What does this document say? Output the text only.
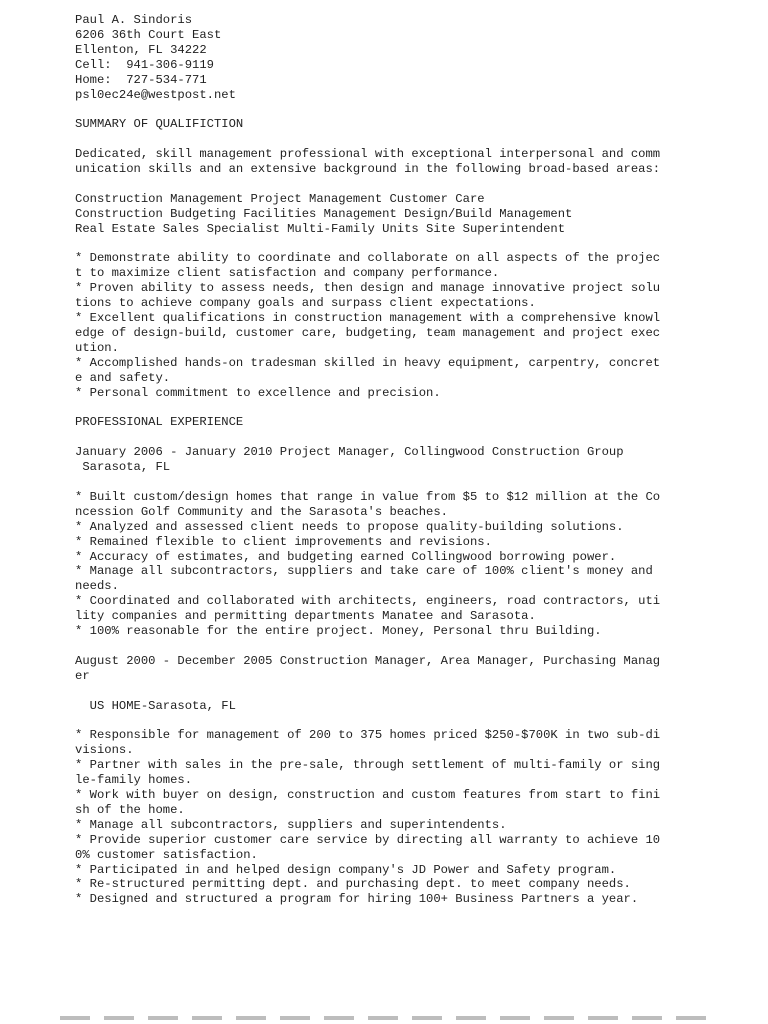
Paul A. Sindoris
6206 36th Court East
Ellenton, FL 34222
Cell:  941-306-9119
Home:  727-534-771
psl0ec24e@westpost.net
SUMMARY OF QUALIFICTION
Dedicated, skill management professional with exceptional interpersonal and comm
unication skills and an extensive background in the following broad-based areas:
Construction Management Project Management Customer Care
Construction Budgeting Facilities Management Design/Build Management
Real Estate Sales Specialist Multi-Family Units Site Superintendent
* Demonstrate ability to coordinate and collaborate on all aspects of the projec
t to maximize client satisfaction and company performance.
* Proven ability to assess needs, then design and manage innovative project solu
tions to achieve company goals and surpass client expectations.
* Excellent qualifications in construction management with a comprehensive knowl
edge of design-build, customer care, budgeting, team management and project exec
ution.
* Accomplished hands-on tradesman skilled in heavy equipment, carpentry, concret
e and safety.
* Personal commitment to excellence and precision.
PROFESSIONAL EXPERIENCE
January 2006 - January 2010 Project Manager, Collingwood Construction Group
Sarasota, FL
* Built custom/design homes that range in value from $5 to $12 million at the Co
ncession Golf Community and the Sarasota's beaches.
* Analyzed and assessed client needs to propose quality-building solutions.
* Remained flexible to client improvements and revisions.
* Accuracy of estimates, and budgeting earned Collingwood borrowing power.
* Manage all subcontractors, suppliers and take care of 100% client's money and
needs.
* Coordinated and collaborated with architects, engineers, road contractors, uti
lity companies and permitting departments Manatee and Sarasota.
* 100% reasonable for the entire project. Money, Personal thru Building.
August 2000 - December 2005 Construction Manager, Area Manager, Purchasing Manag
er
US HOME-Sarasota, FL
* Responsible for management of 200 to 375 homes priced $250-$700K in two sub-di
visions.
* Partner with sales in the pre-sale, through settlement of multi-family or sing
le-family homes.
* Work with buyer on design, construction and custom features from start to fini
sh of the home.
* Manage all subcontractors, suppliers and superintendents.
* Provide superior customer care service by directing all warranty to achieve 10
0% customer satisfaction.
* Participated in and helped design company's JD Power and Safety program.
* Re-structured permitting dept. and purchasing dept. to meet company needs.
* Designed and structured a program for hiring 100+ Business Partners a year.
